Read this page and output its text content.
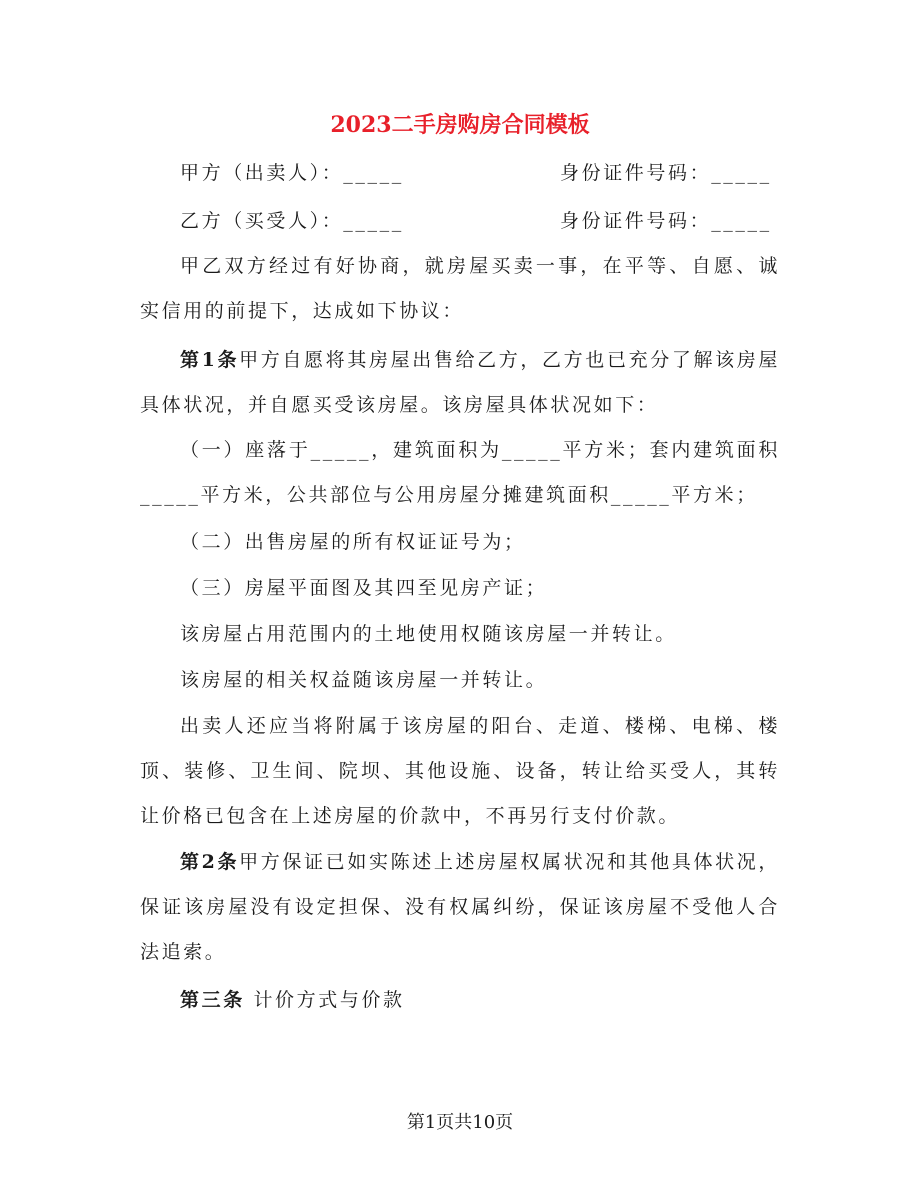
2023二手房购房合同模板
甲方（出卖人）：_____	身份证件号码：_____
乙方（买受人）：_____	身份证件号码：_____
甲乙双方经过有好协商，就房屋买卖一事，在平等、自愿、诚实信用的前提下，达成如下协议：
第1条甲方自愿将其房屋出售给乙方，乙方也已充分了解该房屋具体状况，并自愿买受该房屋。该房屋具体状况如下：
（一）座落于_____，建筑面积为_____平方米；套内建筑面积_____平方米，公共部位与公用房屋分摊建筑面积_____平方米；
（二）出售房屋的所有权证证号为；
（三）房屋平面图及其四至见房产证；
该房屋占用范围内的土地使用权随该房屋一并转让。
该房屋的相关权益随该房屋一并转让。
出卖人还应当将附属于该房屋的阳台、走道、楼梯、电梯、楼顶、装修、卫生间、院坝、其他设施、设备，转让给买受人，其转让价格已包含在上述房屋的价款中，不再另行支付价款。
第2条甲方保证已如实陈述上述房屋权属状况和其他具体状况，保证该房屋没有设定担保、没有权属纠纷，保证该房屋不受他人合法追索。
第三条 计价方式与价款
第1页共10页
